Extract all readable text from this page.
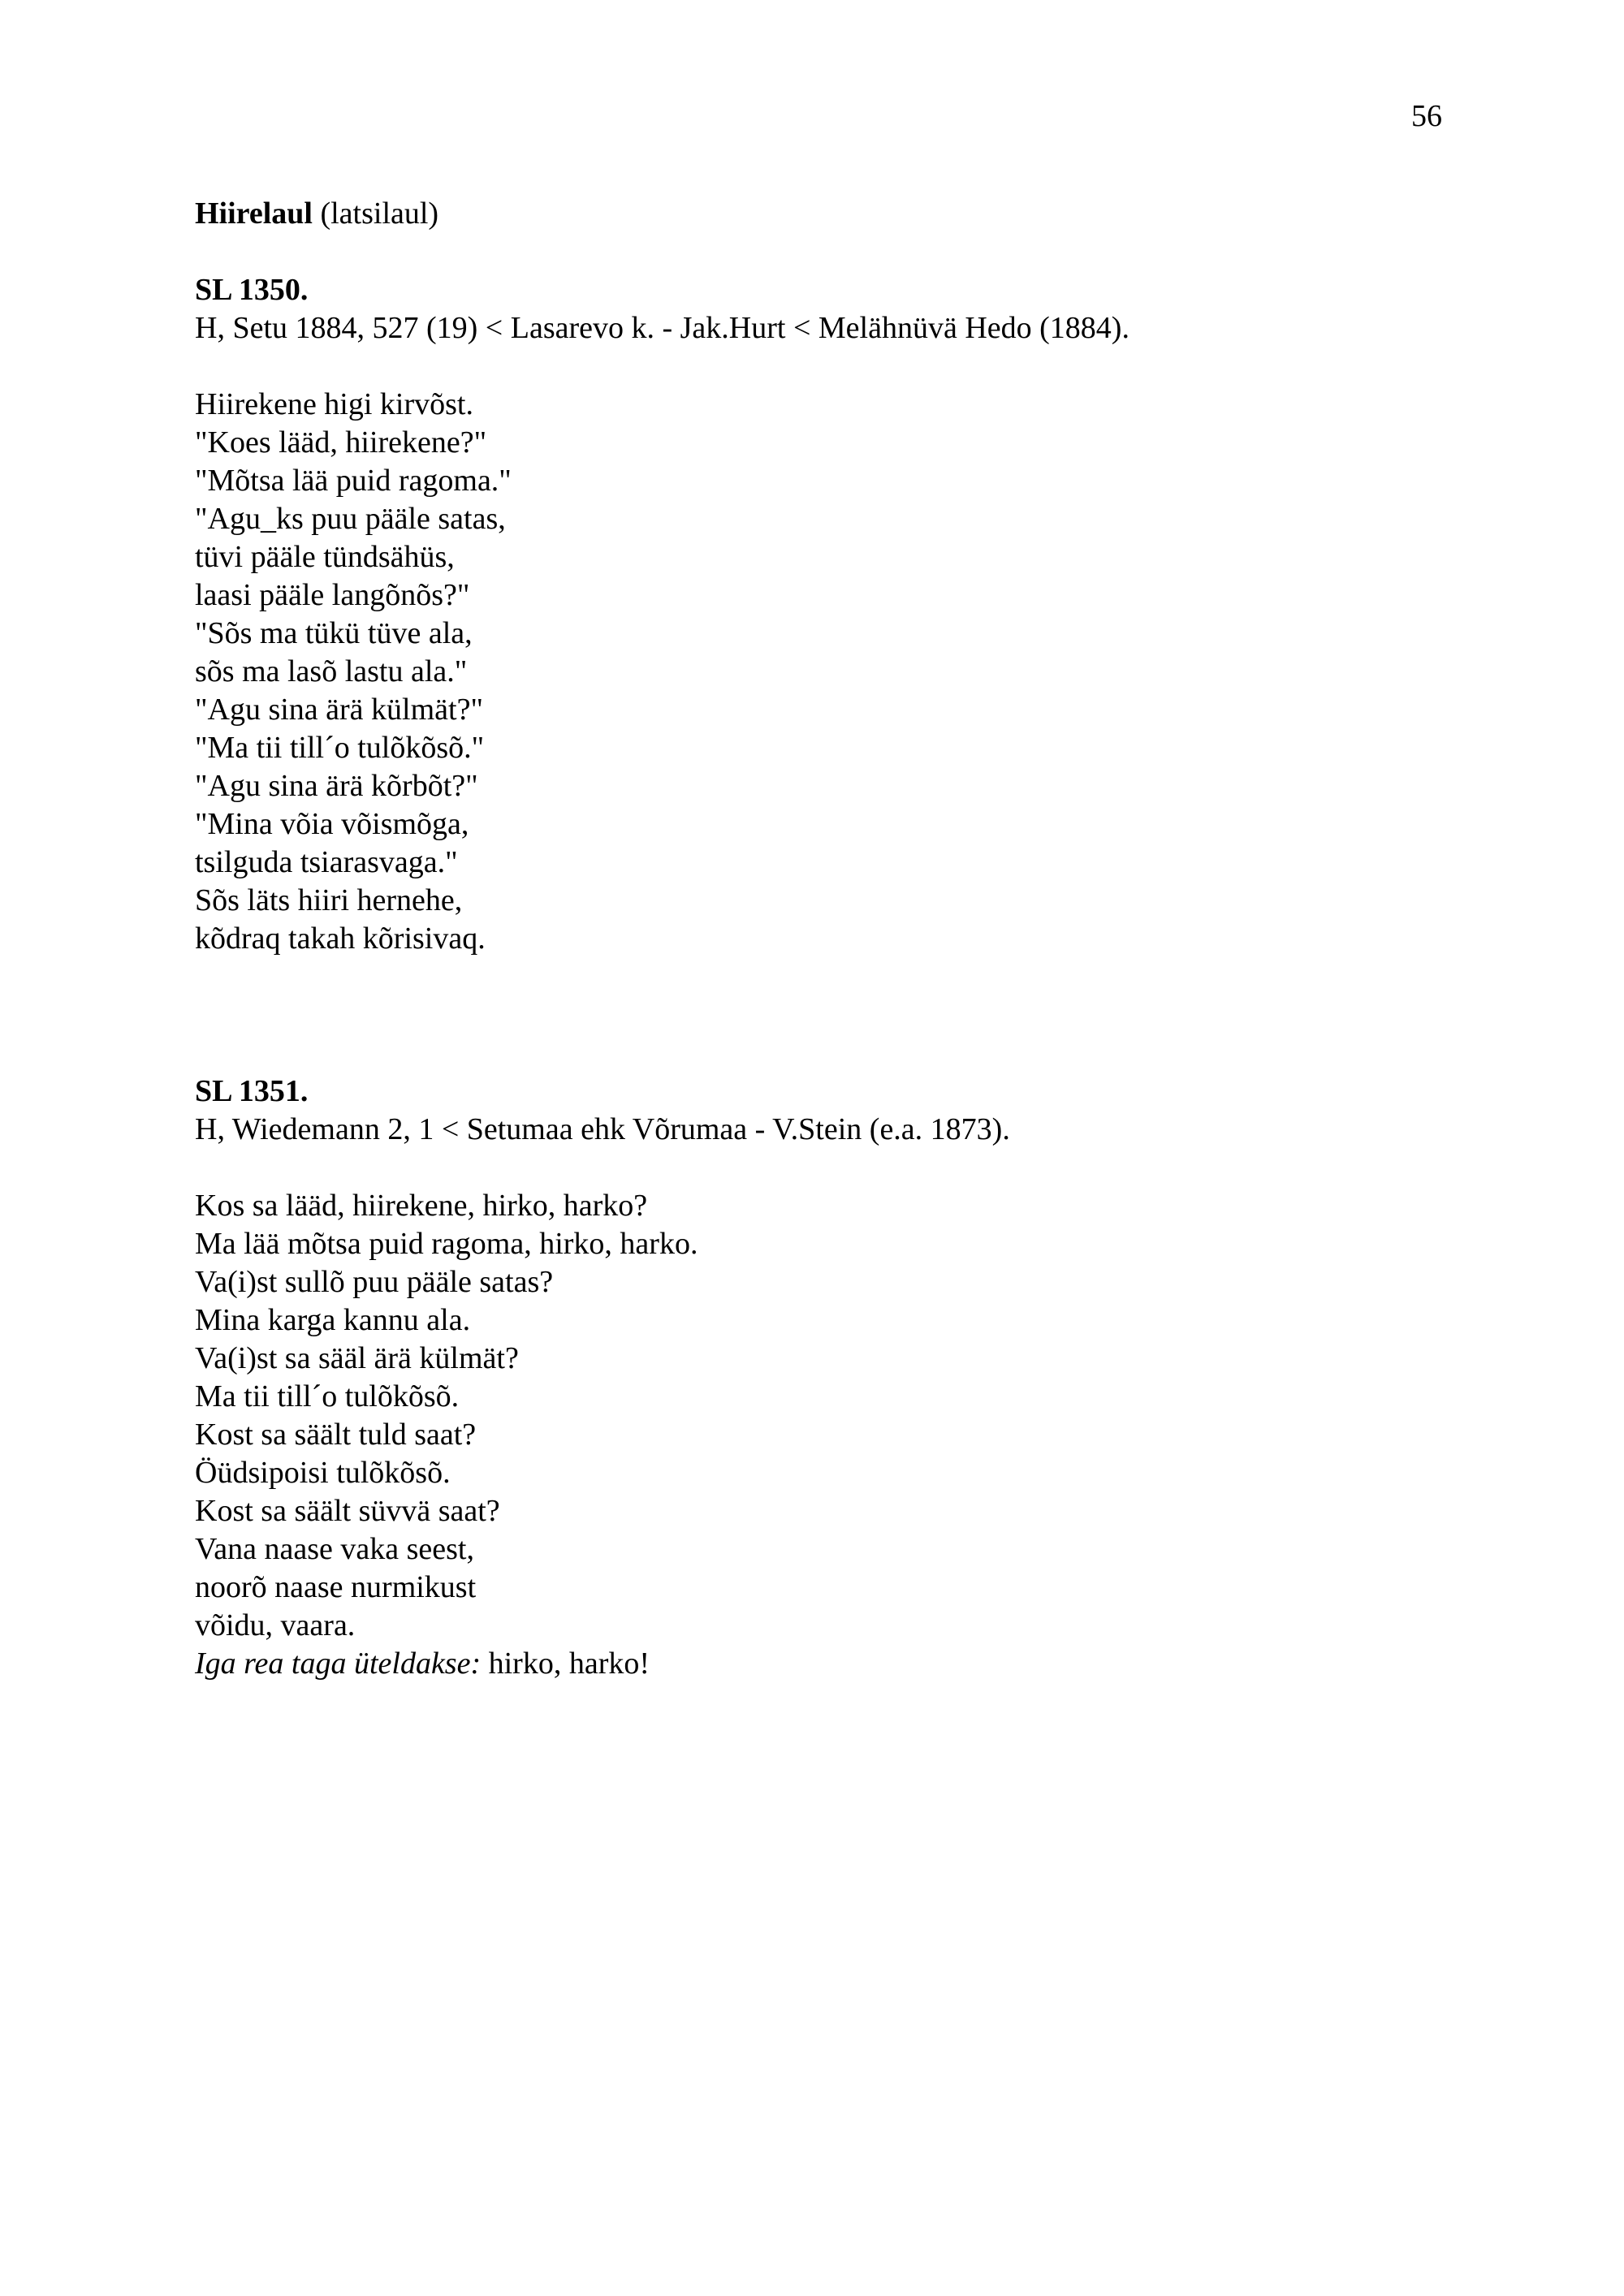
56

Hiirelaul (latsilaul)

SL 1350.

H, Setu 1884, 527 (19) < Lasarevo k. - Jak.Hurt < Melähnüvä Hedo (1884).

Hiirekene higi kirvõst.
"Koes lääd, hiirekene?"
"Mõtsa lää puid ragoma."
"Agu_ks puu pääle satas,
tüvi pääle tündsähüs,
laasi pääle langõnõs?"
"Sõs ma tükü tüve ala,
sõs ma lasõ lastu ala."
"Agu sina ärä külmät?"
"Ma tii till´o tulõkõsõ."
"Agu sina ärä kõrbõt?"
"Mina võia võismõga,
tsilguda tsiarasvaga."
Sõs läts hiiri hernehe,
kõdraq takah kõrisivaq.

SL 1351.

H, Wiedemann 2, 1 < Setumaa ehk Võrumaa - V.Stein (e.a. 1873).

Kos sa lääd, hiirekene, hirko, harko?
Ma lää mõtsa puid ragoma, hirko, harko.
Va(i)st sullõ puu pääle satas?
Mina karga kannu ala.
Va(i)st sa sääl ärä külmät?
Ma tii till´o tulõkõsõ.
Kost sa säält tuld saat?
Öüdsipoisi tulõkõsõ.
Kost sa säält süvvä saat?
Vana naase vaka seest,
noorõ naase nurmikust
võidu, vaara.
Iga rea taga üteldakse: hirko, harko!
